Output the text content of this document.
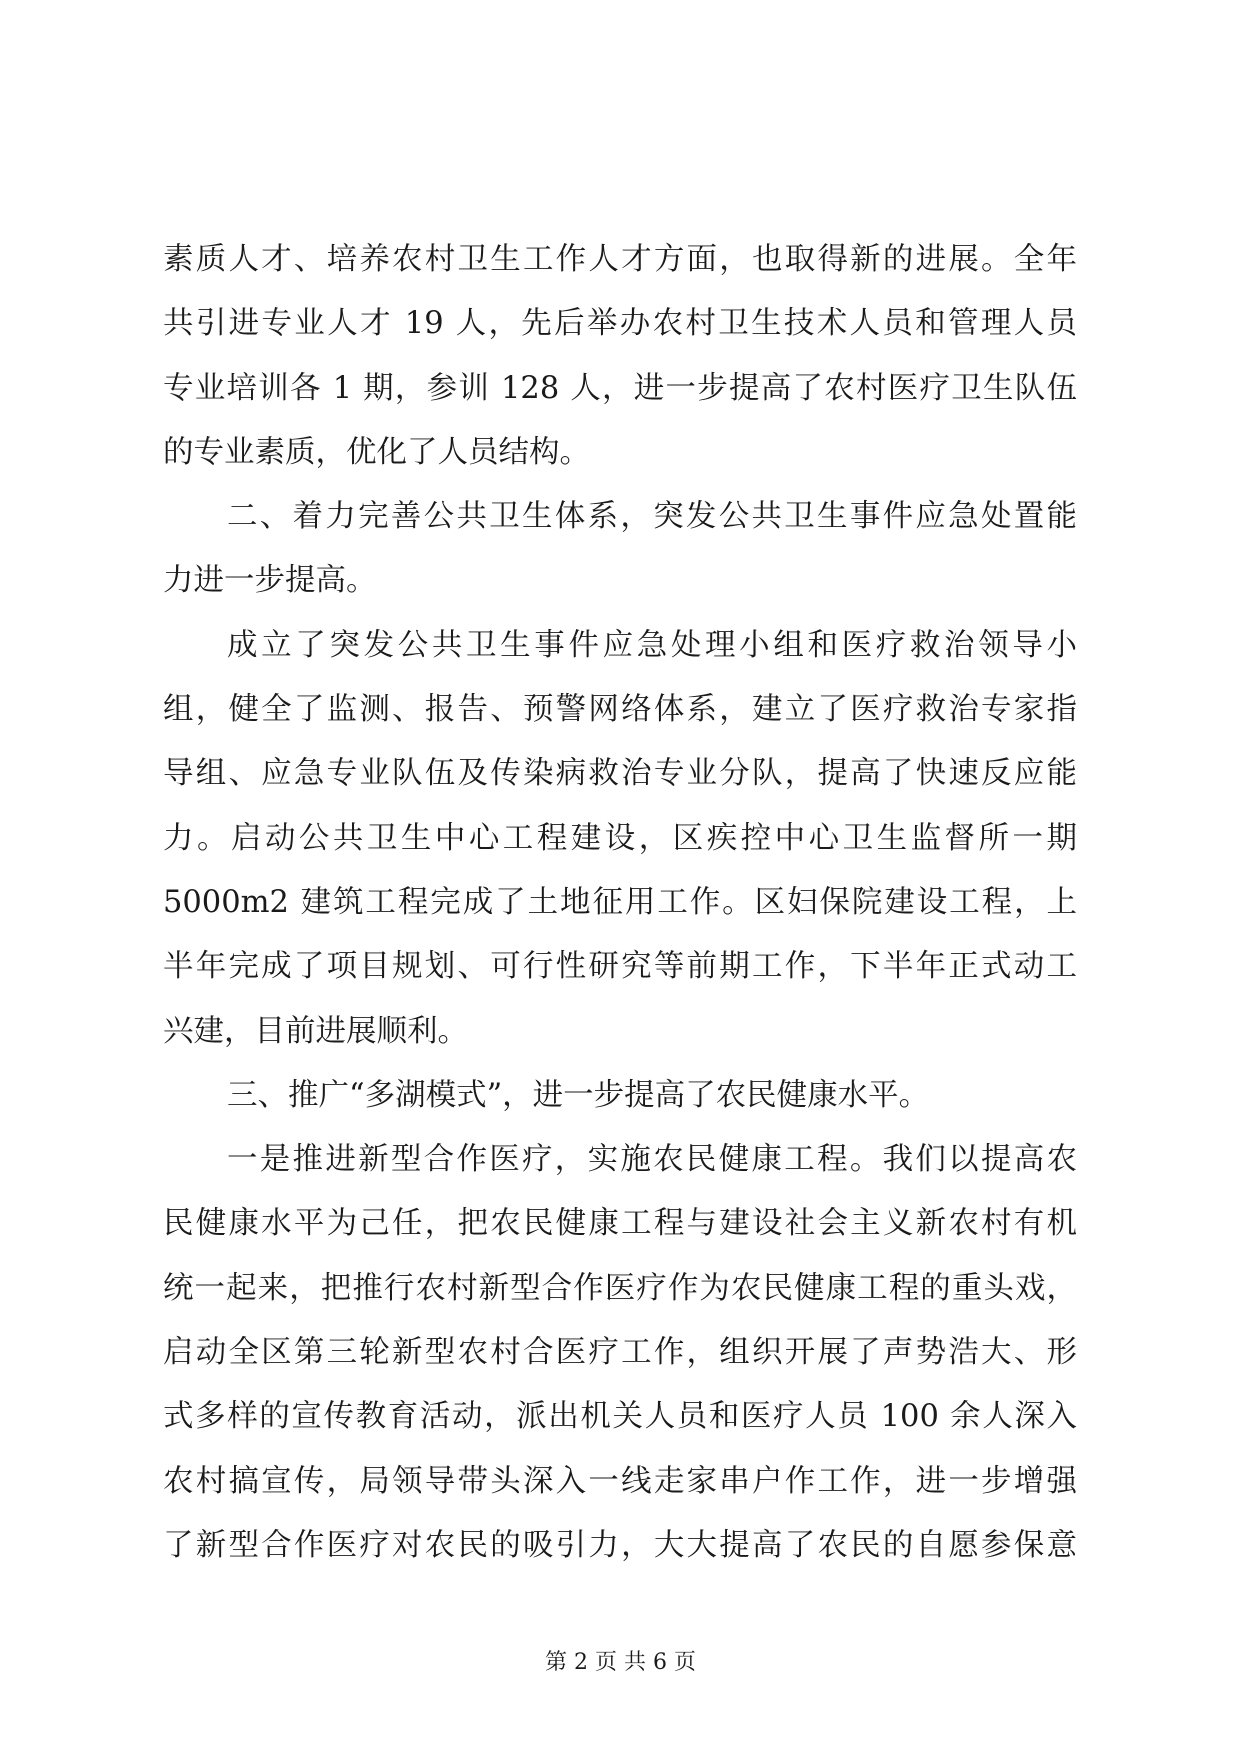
素质人才、培养农村卫生工作人才方面，也取得新的进展。全年
共引进专业人才 19 人，先后举办农村卫生技术人员和管理人员
专业培训各 1 期，参训 128 人，进一步提高了农村医疗卫生队伍
的专业素质，优化了人员结构。
二、着力完善公共卫生体系，突发公共卫生事件应急处置能
力进一步提高。
成立了突发公共卫生事件应急处理小组和医疗救治领导小
组，健全了监测、报告、预警网络体系，建立了医疗救治专家指
导组、应急专业队伍及传染病救治专业分队，提高了快速反应能
力。启动公共卫生中心工程建设，区疾控中心卫生监督所一期
5000m2 建筑工程完成了土地征用工作。区妇保院建设工程，上
半年完成了项目规划、可行性研究等前期工作，下半年正式动工
兴建，目前进展顺利。
三、推广“多湖模式”，进一步提高了农民健康水平。
一是推进新型合作医疗，实施农民健康工程。我们以提高农
民健康水平为己任，把农民健康工程与建设社会主义新农村有机
统一起来，把推行农村新型合作医疗作为农民健康工程的重头戏，
启动全区第三轮新型农村合医疗工作，组织开展了声势浩大、形
式多样的宣传教育活动，派出机关人员和医疗人员 100 余人深入
农村搞宣传，局领导带头深入一线走家串户作工作，进一步增强
了新型合作医疗对农民的吸引力，大大提高了农民的自愿参保意
第 2 页 共 6 页
